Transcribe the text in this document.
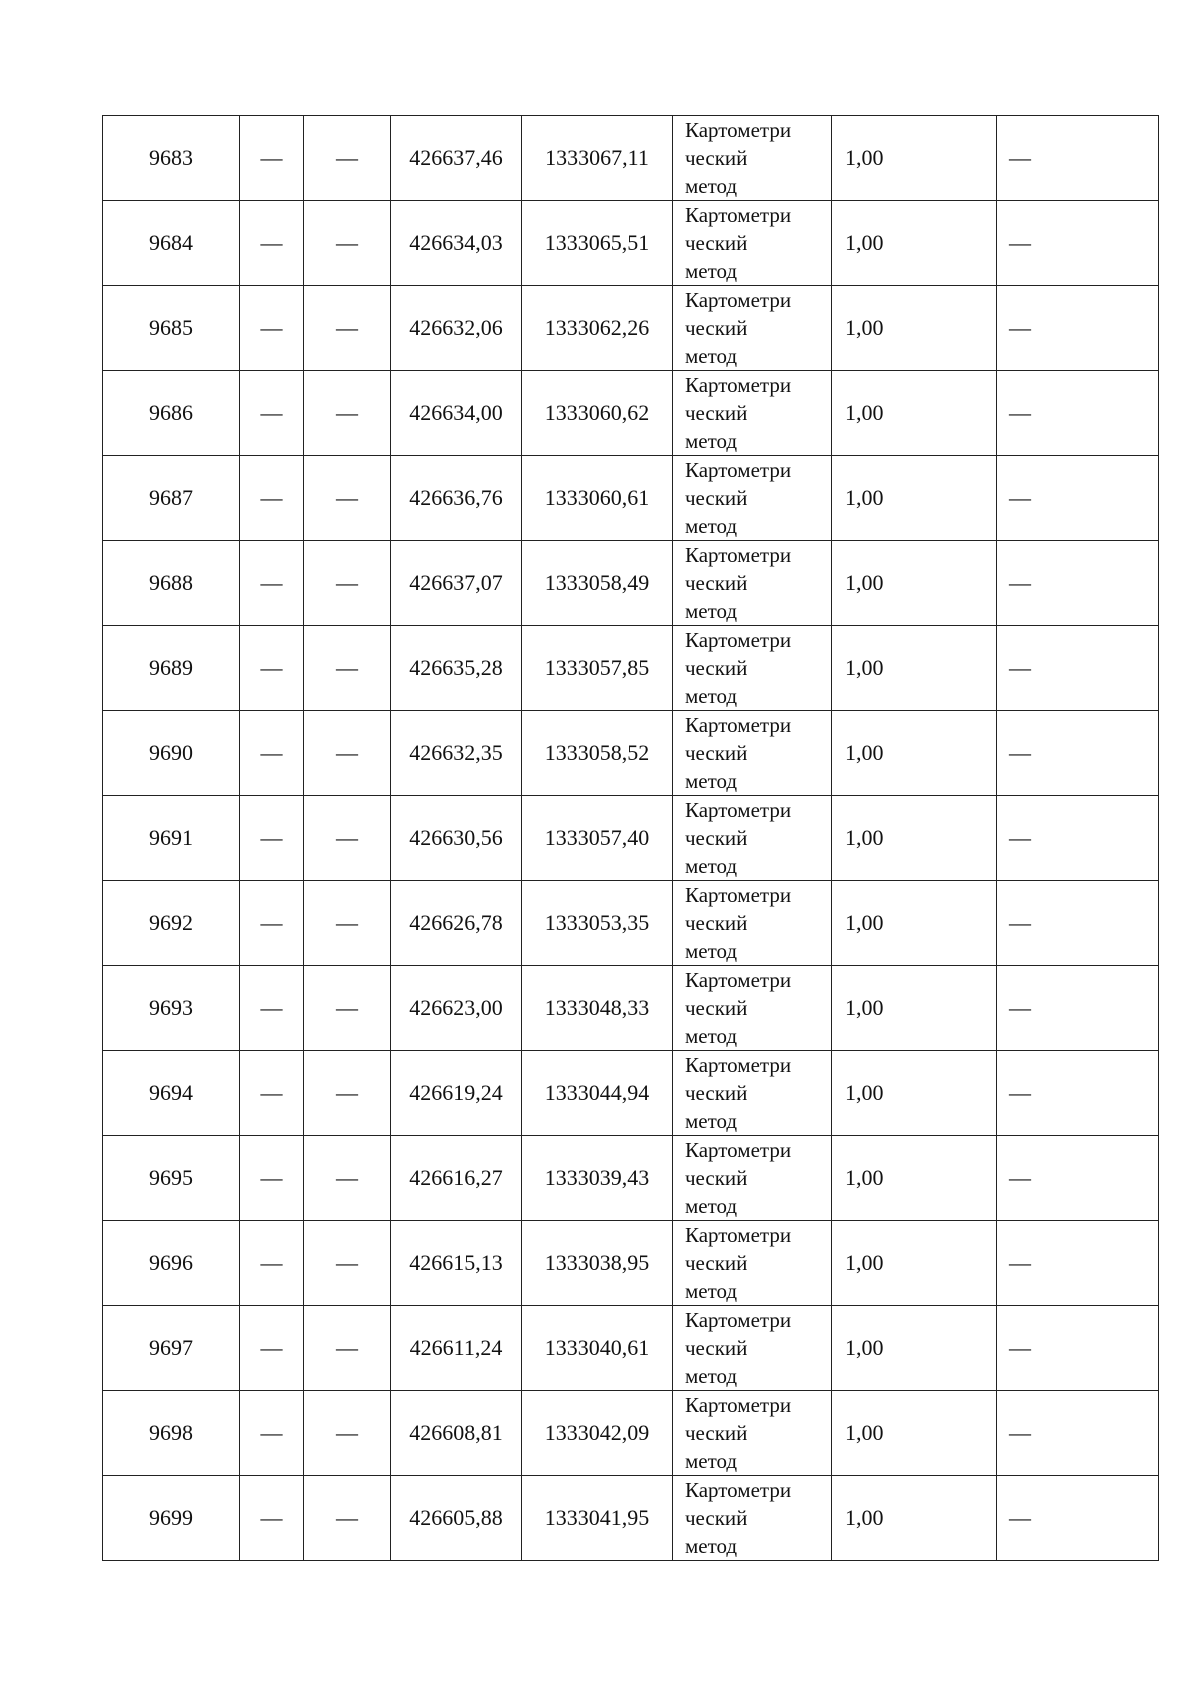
9683	—	—	426637,46	1333067,11	Картометри
ческий
метод	1,00	—
9684	—	—	426634,03	1333065,51	Картометри
ческий
метод	1,00	—
9685	—	—	426632,06	1333062,26	Картометри
ческий
метод	1,00	—
9686	—	—	426634,00	1333060,62	Картометри
ческий
метод	1,00	—
9687	—	—	426636,76	1333060,61	Картометри
ческий
метод	1,00	—
9688	—	—	426637,07	1333058,49	Картометри
ческий
метод	1,00	—
9689	—	—	426635,28	1333057,85	Картометри
ческий
метод	1,00	—
9690	—	—	426632,35	1333058,52	Картометри
ческий
метод	1,00	—
9691	—	—	426630,56	1333057,40	Картометри
ческий
метод	1,00	—
9692	—	—	426626,78	1333053,35	Картометри
ческий
метод	1,00	—
9693	—	—	426623,00	1333048,33	Картометри
ческий
метод	1,00	—
9694	—	—	426619,24	1333044,94	Картометри
ческий
метод	1,00	—
9695	—	—	426616,27	1333039,43	Картометри
ческий
метод	1,00	—
9696	—	—	426615,13	1333038,95	Картометри
ческий
метод	1,00	—
9697	—	—	426611,24	1333040,61	Картометри
ческий
метод	1,00	—
9698	—	—	426608,81	1333042,09	Картометри
ческий
метод	1,00	—
9699	—	—	426605,88	1333041,95	Картометри
ческий
метод	1,00	—
